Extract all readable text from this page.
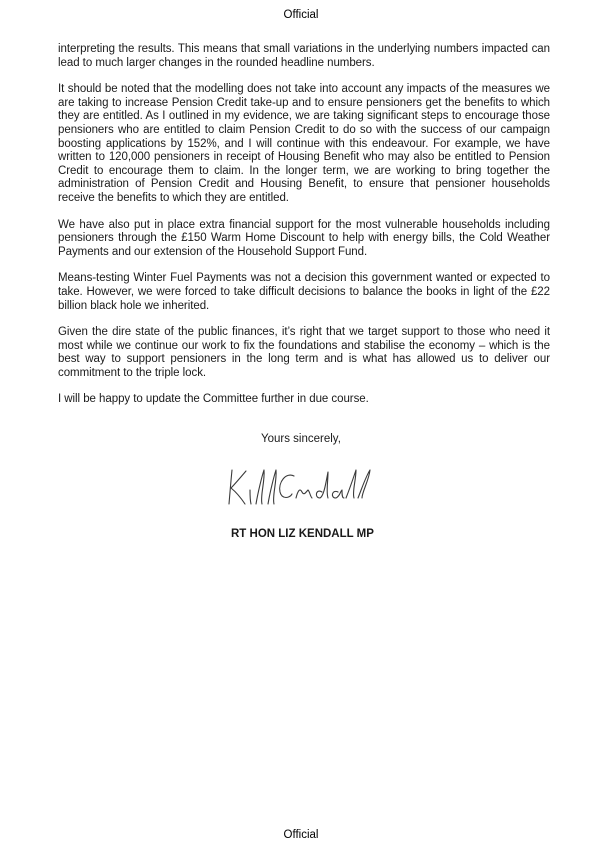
Official

interpreting the results. This means that small variations in the underlying numbers impacted can lead to much larger changes in the rounded headline numbers.

It should be noted that the modelling does not take into account any impacts of the measures we are taking to increase Pension Credit take-up and to ensure pensioners get the benefits to which they are entitled. As I outlined in my evidence, we are taking significant steps to encourage those pensioners who are entitled to claim Pension Credit to do so with the success of our campaign boosting applications by 152%, and I will continue with this endeavour. For example, we have written to 120,000 pensioners in receipt of Housing Benefit who may also be entitled to Pension Credit to encourage them to claim. In the longer term, we are working to bring together the administration of Pension Credit and Housing Benefit, to ensure that pensioner households receive the benefits to which they are entitled.

We have also put in place extra financial support for the most vulnerable households including pensioners through the £150 Warm Home Discount to help with energy bills, the Cold Weather Payments and our extension of the Household Support Fund.

Means-testing Winter Fuel Payments was not a decision this government wanted or expected to take. However, we were forced to take difficult decisions to balance the books in light of the £22 billion black hole we inherited.

Given the dire state of the public finances, it’s right that we target support to those who need it most while we continue our work to fix the foundations and stabilise the economy – which is the best way to support pensioners in the long term and is what has allowed us to deliver our commitment to the triple lock.

I will be happy to update the Committee further in due course.

Yours sincerely,
RT HON LIZ KENDALL MP
Official
